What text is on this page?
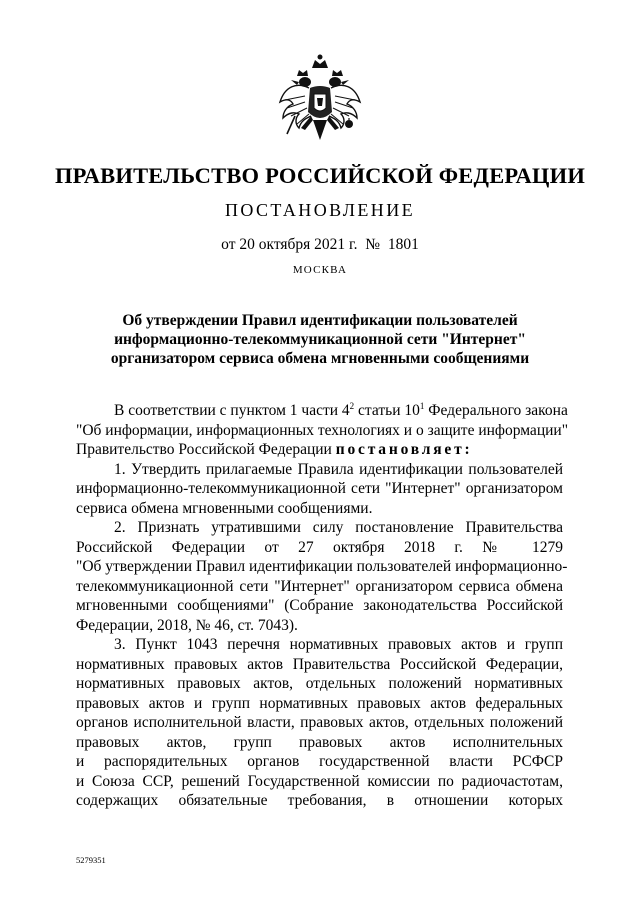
ПРАВИТЕЛЬСТВО РОССИЙСКОЙ ФЕДЕРАЦИИ
ПОСТАНОВЛЕНИЕ
от 20 октября 2021 г. № 1801
МОСКВА
Об утверждении Правил идентификации пользователей
информационно-телекоммуникационной сети "Интернет"
организатором сервиса обмена мгновенными сообщениями
В соответствии с пунктом 1 части $4^2$ статьи $10^1$ Федерального закона
"Об информации, информационных технологиях и о защите информации"
Правительство Российской Федерации постановляет:
1. Утвердить прилагаемые Правила идентификации пользователей
информационно-телекоммуникационной сети "Интернет" организатором
сервиса обмена мгновенными сообщениями.
2. Признать утратившими силу постановление Правительства
Российской Федерации от 27 октября 2018 г. № 1279
"Об утверждении Правил идентификации пользователей информационно-
телекоммуникационной сети "Интернет" организатором сервиса обмена
мгновенными сообщениями" (Собрание законодательства Российской
Федерации, 2018, № 46, ст. 7043).
3. Пункт 1043 перечня нормативных правовых актов и групп
нормативных правовых актов Правительства Российской Федерации,
нормативных правовых актов, отдельных положений нормативных
правовых актов и групп нормативных правовых актов федеральных
органов исполнительной власти, правовых актов, отдельных положений
правовых актов, групп правовых актов исполнительных
и распорядительных органов государственной власти РСФСР
и Союза ССР, решений Государственной комиссии по радиочастотам,
содержащих обязательные требования, в отношении которых
5279351
